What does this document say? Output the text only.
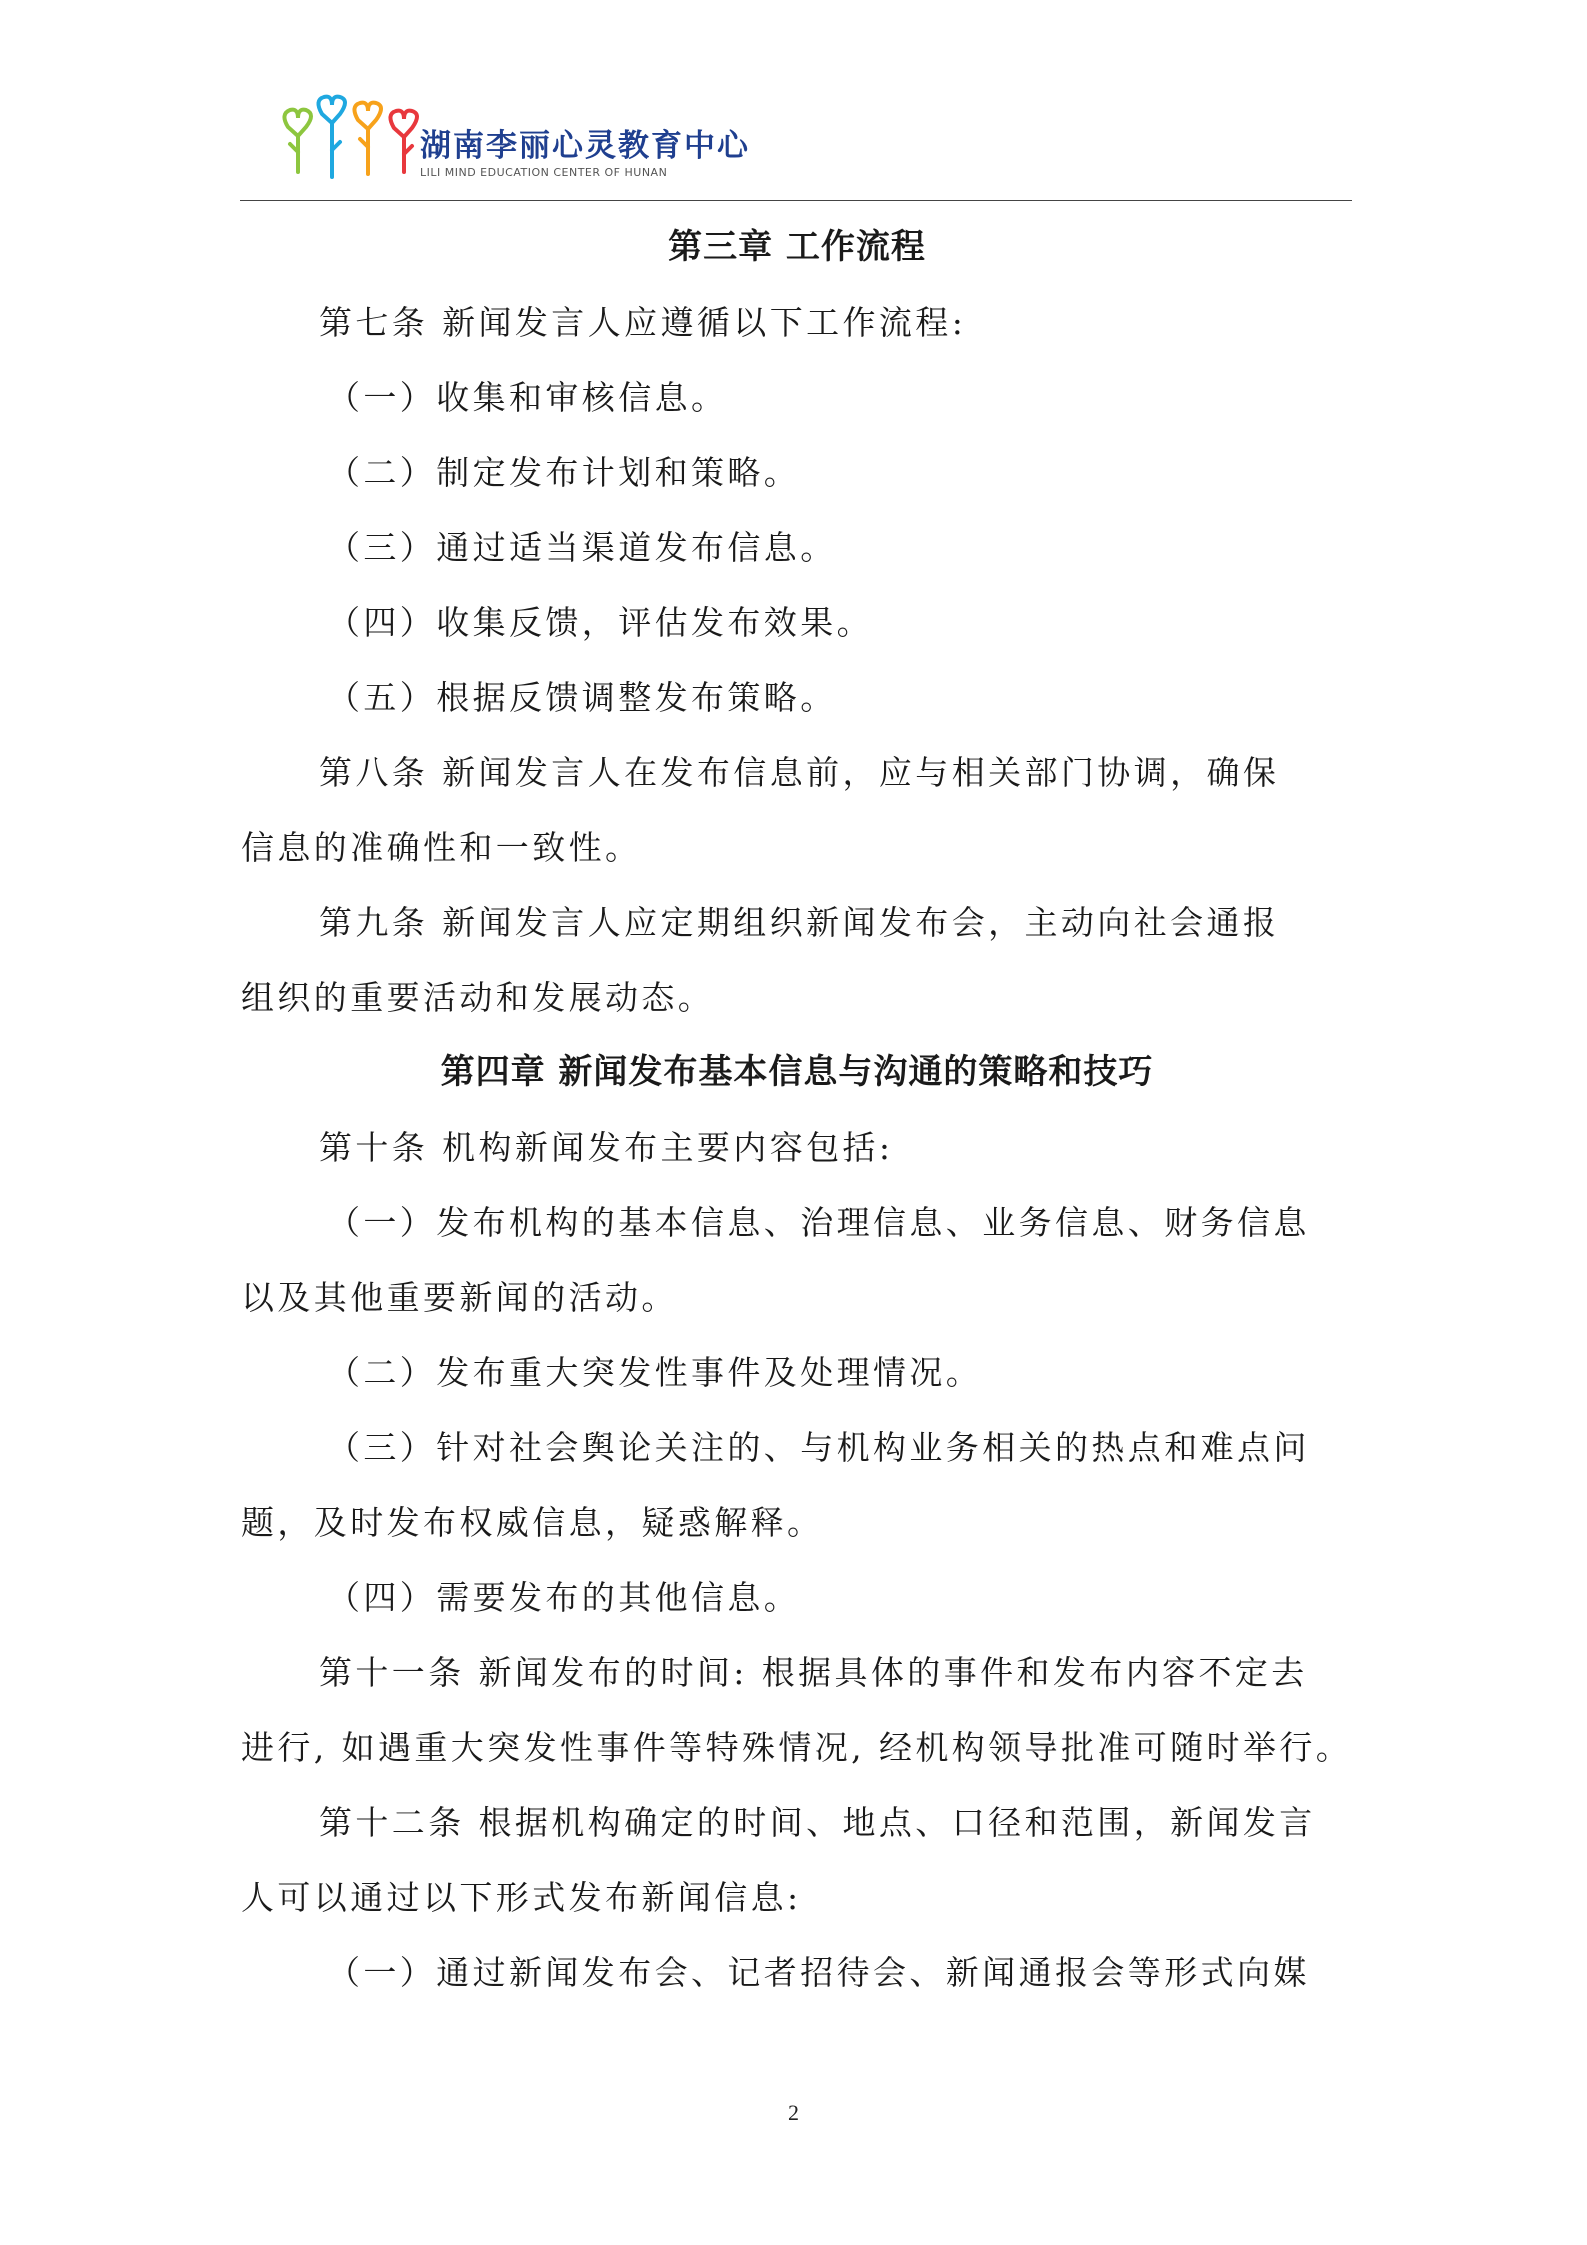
湖南李丽心灵教育中心
LILI MIND EDUCATION CENTER OF HUNAN
第三章 工作流程
第七条 新闻发言人应遵循以下工作流程:
（一）收集和审核信息。
（二）制定发布计划和策略。
（三）通过适当渠道发布信息。
（四）收集反馈，评估发布效果。
（五）根据反馈调整发布策略。
第八条 新闻发言人在发布信息前，应与相关部门协调，确保
信息的准确性和一致性。
第九条 新闻发言人应定期组织新闻发布会，主动向社会通报
组织的重要活动和发展动态。
第四章 新闻发布基本信息与沟通的策略和技巧
第十条 机构新闻发布主要内容包括:
（一）发布机构的基本信息、治理信息、业务信息、财务信息
以及其他重要新闻的活动。
（二）发布重大突发性事件及处理情况。
（三）针对社会舆论关注的、与机构业务相关的热点和难点问
题，及时发布权威信息，疑惑解释。
（四）需要发布的其他信息。
第十一条 新闻发布的时间: 根据具体的事件和发布内容不定去
进行, 如遇重大突发性事件等特殊情况, 经机构领导批准可随时举行。
第十二条 根据机构确定的时间、地点、口径和范围，新闻发言
人可以通过以下形式发布新闻信息:
（一）通过新闻发布会、记者招待会、新闻通报会等形式向媒
2
